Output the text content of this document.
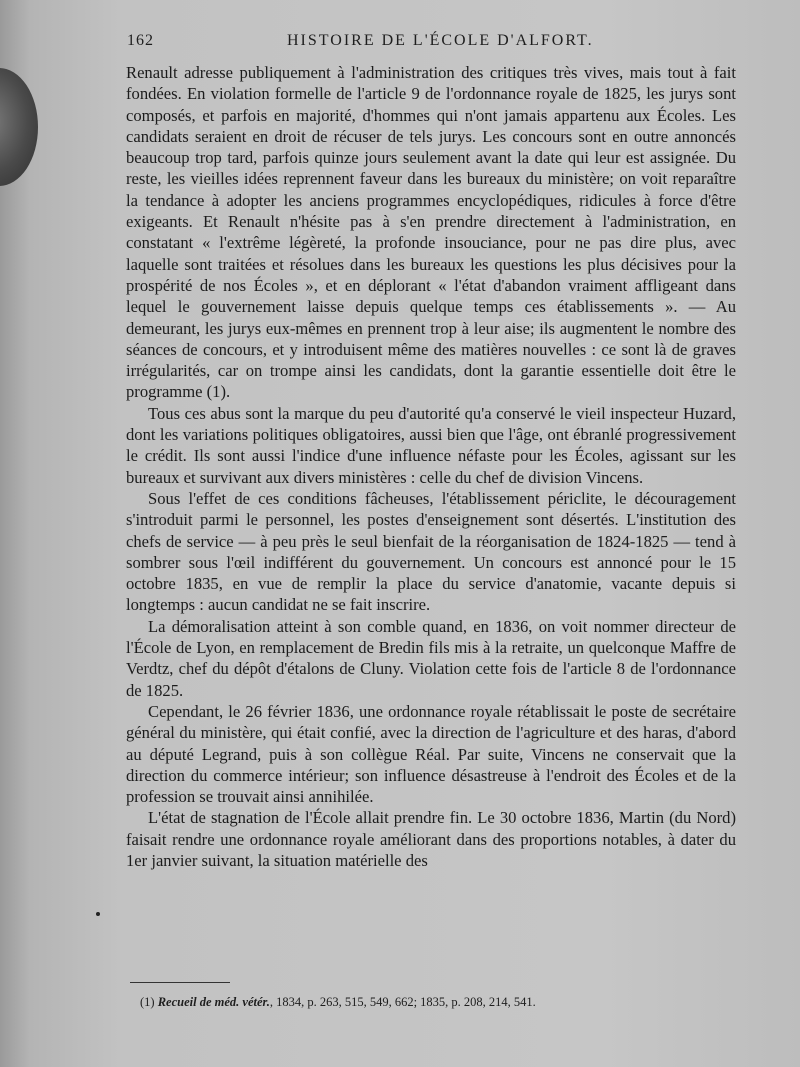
162	HISTOIRE DE L'ÉCOLE D'ALFORT.

Renault adresse publiquement à l'administration des critiques très vives, mais tout à fait fondées. En violation formelle de l'article 9 de l'ordonnance royale de 1825, les jurys sont composés, et parfois en majorité, d'hommes qui n'ont jamais appartenu aux Écoles. Les candidats seraient en droit de récuser de tels jurys. Les concours sont en outre annoncés beaucoup trop tard, parfois quinze jours seulement avant la date qui leur est assignée. Du reste, les vieilles idées reprennent faveur dans les bureaux du ministère; on voit reparaître la tendance à adopter les anciens programmes encyclopédiques, ridicules à force d'être exigeants. Et Renault n'hésite pas à s'en prendre directement à l'administration, en constatant « l'extrême légèreté, la profonde insouciance, pour ne pas dire plus, avec laquelle sont traitées et résolues dans les bureaux les questions les plus décisives pour la prospérité de nos Écoles », et en déplorant « l'état d'abandon vraiment affligeant dans lequel le gouvernement laisse depuis quelque temps ces établissements ». — Au demeurant, les jurys eux-mêmes en prennent trop à leur aise; ils augmentent le nombre des séances de concours, et y introduisent même des matières nouvelles : ce sont là de graves irrégularités, car on trompe ainsi les candidats, dont la garantie essentielle doit être le programme (1).

Tous ces abus sont la marque du peu d'autorité qu'a conservé le vieil inspecteur Huzard, dont les variations politiques obligatoires, aussi bien que l'âge, ont ébranlé progressivement le crédit. Ils sont aussi l'indice d'une influence néfaste pour les Écoles, agissant sur les bureaux et survivant aux divers ministères : celle du chef de division Vincens.

Sous l'effet de ces conditions fâcheuses, l'établissement périclite, le découragement s'introduit parmi le personnel, les postes d'enseignement sont désertés. L'institution des chefs de service — à peu près le seul bienfait de la réorganisation de 1824-1825 — tend à sombrer sous l'œil indifférent du gouvernement. Un concours est annoncé pour le 15 octobre 1835, en vue de remplir la place du service d'anatomie, vacante depuis si longtemps : aucun candidat ne se fait inscrire.

La démoralisation atteint à son comble quand, en 1836, on voit nommer directeur de l'École de Lyon, en remplacement de Bredin fils mis à la retraite, un quelconque Maffre de Verdtz, chef du dépôt d'étalons de Cluny. Violation cette fois de l'article 8 de l'ordonnance de 1825.

Cependant, le 26 février 1836, une ordonnance royale rétablissait le poste de secrétaire général du ministère, qui était confié, avec la direction de l'agriculture et des haras, d'abord au député Legrand, puis à son collègue Réal. Par suite, Vincens ne conservait que la direction du commerce intérieur; son influence désastreuse à l'endroit des Écoles et de la profession se trouvait ainsi annihilée.

L'état de stagnation de l'École allait prendre fin. Le 30 octobre 1836, Martin (du Nord) faisait rendre une ordonnance royale améliorant dans des proportions notables, à dater du 1er janvier suivant, la situation matérielle des

(1) Recueil de méd. vétér., 1834, p. 263, 515, 549, 662; 1835, p. 208, 214, 541.
